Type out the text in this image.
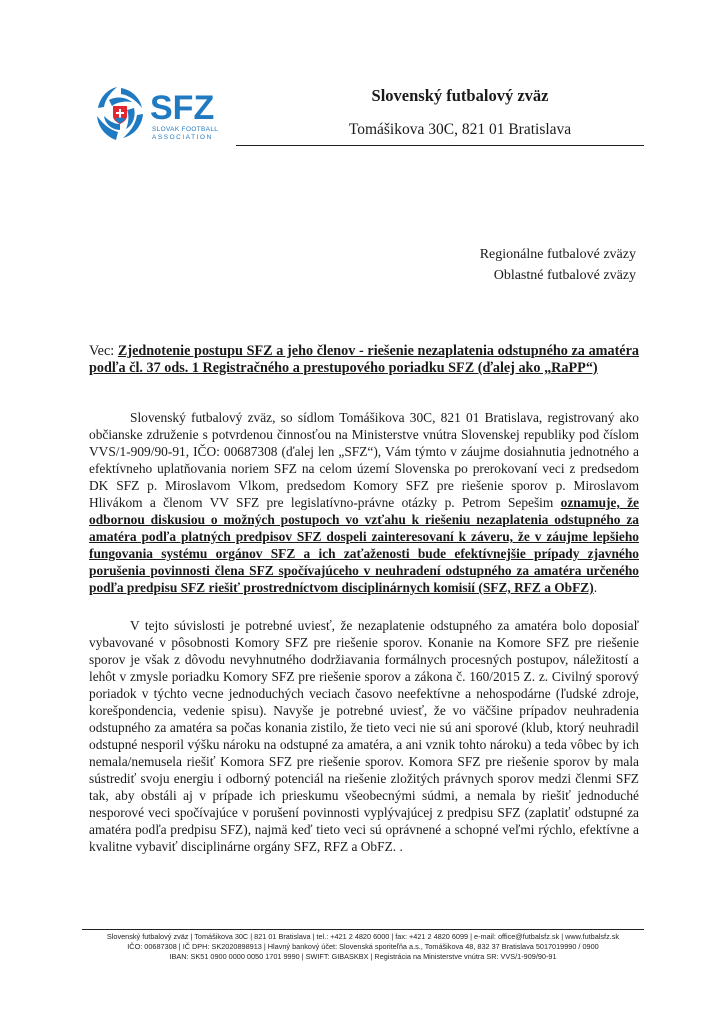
SFZ
SLOVAK FOOTBALL
ASSOCIATION
Slovenský futbalový zväz
Tomášikova 30C, 821 01 Bratislava
Regionálne futbalové zväzy
Oblastné futbalové zväzy
Vec: Zjednotenie postupu SFZ a jeho členov - riešenie nezaplatenia odstupného za amatéra podľa čl. 37 ods. 1 Registračného a prestupového poriadku SFZ (ďalej ako „RaPP“)
Slovenský futbalový zväz, so sídlom Tomášikova 30C, 821 01 Bratislava, registrovaný ako občianske združenie s potvrdenou činnosťou na Ministerstve vnútra Slovenskej republiky pod číslom VVS/1-909/90-91, IČO: 00687308 (ďalej len „SFZ“), Vám týmto v záujme dosiahnutia jednotného a efektívneho uplatňovania noriem SFZ na celom území Slovenska po prerokovaní veci z predsedom DK SFZ p. Miroslavom Vlkom, predsedom Komory SFZ pre riešenie sporov p. Miroslavom Hlivákom a členom VV SFZ pre legislatívno-právne otázky p. Petrom Sepešim oznamuje, že odbornou diskusiou o možných postupoch vo vzťahu k riešeniu nezaplatenia odstupného za amatéra podľa platných predpisov SFZ dospeli zainteresovaní k záveru, že v záujme lepšieho fungovania systému orgánov SFZ a ich zaťaženosti bude efektívnejšie prípady zjavného porušenia povinnosti člena SFZ spočívajúceho v neuhradení odstupného za amatéra určeného podľa predpisu SFZ riešiť prostredníctvom disciplinárnych komisií (SFZ, RFZ a ObFZ).
V tejto súvislosti je potrebné uviesť, že nezaplatenie odstupného za amatéra bolo doposiaľ vybavované v pôsobnosti Komory SFZ pre riešenie sporov. Konanie na Komore SFZ pre riešenie sporov je však z dôvodu nevyhnutného dodržiavania formálnych procesných postupov, náležitostí a lehôt v zmysle poriadku Komory SFZ pre riešenie sporov a zákona č. 160/2015 Z. z. Civilný sporový poriadok v týchto vecne jednoduchých veciach časovo neefektívne a nehospodárne (ľudské zdroje, korešpondencia, vedenie spisu). Navyše je potrebné uviesť, že vo väčšine prípadov neuhradenia odstupného za amatéra sa počas konania zistilo, že tieto veci nie sú ani sporové (klub, ktorý neuhradil odstupné nesporil výšku nároku na odstupné za amatéra, a ani vznik tohto nároku) a teda vôbec by ich nemala/nemusela riešiť Komora SFZ pre riešenie sporov. Komora SFZ pre riešenie sporov by mala sústrediť svoju energiu i odborný potenciál na riešenie zložitých právnych sporov medzi členmi SFZ tak, aby obstáli aj v prípade ich prieskumu všeobecnými súdmi, a nemala by riešiť jednoduché nesporové veci spočívajúce v porušení povinnosti vyplývajúcej z predpisu SFZ (zaplatiť odstupné za amatéra podľa predpisu SFZ), najmä keď tieto veci sú oprávnené a schopné veľmi rýchlo, efektívne a kvalitne vybaviť disciplinárne orgány SFZ, RFZ a ObFZ. .
Slovenský futbalový zväz | Tomášikova 30C | 821 01 Bratislava | tel.: +421 2 4820 6000 | fax: +421 2 4820 6099 | e-mail: office@futbalsfz.sk | www.futbalsfz.sk
IČO: 00687308 | IČ DPH: SK2020898913 | Hlavný bankový účet: Slovenská sporiteľňa a.s., Tomášikova 48, 832 37 Bratislava 5017019990 / 0900
IBAN: SK51 0900 0000 0050 1701 9990 | SWIFT: GIBASKBX | Registrácia na Ministerstve vnútra SR: VVS/1-909/90-91
